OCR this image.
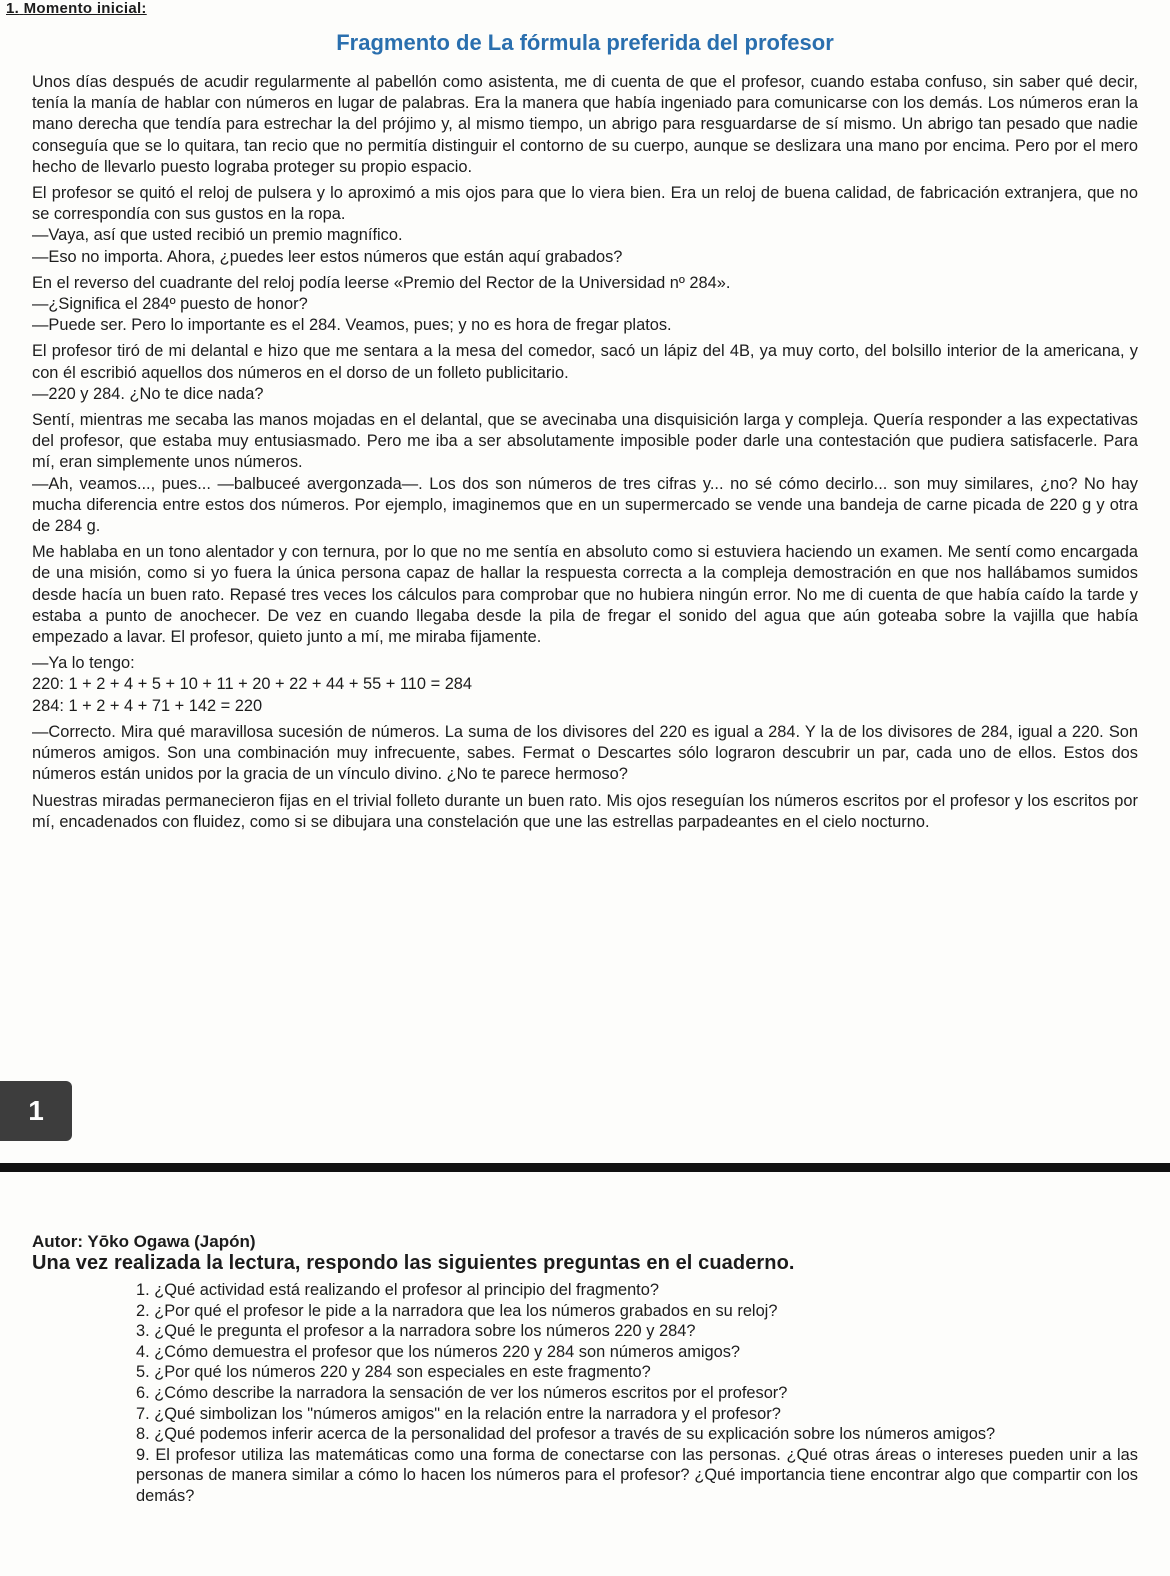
1. Momento inicial:
Fragmento de La fórmula preferida del profesor

Unos días después de acudir regularmente al pabellón como asistenta, me di cuenta de que el profesor, cuando estaba confuso, sin saber qué decir, tenía la manía de hablar con números en lugar de palabras. Era la manera que había ingeniado para comunicarse con los demás. Los números eran la mano derecha que tendía para estrechar la del prójimo y, al mismo tiempo, un abrigo para resguardarse de sí mismo. Un abrigo tan pesado que nadie conseguía que se lo quitara, tan recio que no permitía distinguir el contorno de su cuerpo, aunque se deslizara una mano por encima. Pero por el mero hecho de llevarlo puesto lograba proteger su propio espacio.

El profesor se quitó el reloj de pulsera y lo aproximó a mis ojos para que lo viera bien. Era un reloj de buena calidad, de fabricación extranjera, que no se correspondía con sus gustos en la ropa.

—Vaya, así que usted recibió un premio magnífico.

—Eso no importa. Ahora, ¿puedes leer estos números que están aquí grabados?

En el reverso del cuadrante del reloj podía leerse «Premio del Rector de la Universidad nº 284».

—¿Significa el 284º puesto de honor?

—Puede ser. Pero lo importante es el 284. Veamos, pues; y no es hora de fregar platos.

El profesor tiró de mi delantal e hizo que me sentara a la mesa del comedor, sacó un lápiz del 4B, ya muy corto, del bolsillo interior de la americana, y con él escribió aquellos dos números en el dorso de un folleto publicitario.

—220 y 284. ¿No te dice nada?

Sentí, mientras me secaba las manos mojadas en el delantal, que se avecinaba una disquisición larga y compleja. Quería responder a las expectativas del profesor, que estaba muy entusiasmado. Pero me iba a ser absolutamente imposible poder darle una contestación que pudiera satisfacerle. Para mí, eran simplemente unos números.

—Ah, veamos..., pues... —balbuceé avergonzada—. Los dos son números de tres cifras y... no sé cómo decirlo... son muy similares, ¿no? No hay mucha diferencia entre estos dos números. Por ejemplo, imaginemos que en un supermercado se vende una bandeja de carne picada de 220 g y otra de 284 g.

Me hablaba en un tono alentador y con ternura, por lo que no me sentía en absoluto como si estuviera haciendo un examen. Me sentí como encargada de una misión, como si yo fuera la única persona capaz de hallar la respuesta correcta a la compleja demostración en que nos hallábamos sumidos desde hacía un buen rato. Repasé tres veces los cálculos para comprobar que no hubiera ningún error. No me di cuenta de que había caído la tarde y estaba a punto de anochecer. De vez en cuando llegaba desde la pila de fregar el sonido del agua que aún goteaba sobre la vajilla que había empezado a lavar. El profesor, quieto junto a mí, me miraba fijamente.

—Ya lo tengo:

220: 1 + 2 + 4 + 5 + 10 + 11 + 20 + 22 + 44 + 55 + 110 = 284

284: 1 + 2 + 4 + 71 + 142 = 220

—Correcto. Mira qué maravillosa sucesión de números. La suma de los divisores del 220 es igual a 284. Y la de los divisores de 284, igual a 220. Son números amigos. Son una combinación muy infrecuente, sabes. Fermat o Descartes sólo lograron descubrir un par, cada uno de ellos. Estos dos números están unidos por la gracia de un vínculo divino. ¿No te parece hermoso?

Nuestras miradas permanecieron fijas en el trivial folleto durante un buen rato. Mis ojos reseguían los números escritos por el profesor y los escritos por mí, encadenados con fluidez, como si se dibujara una constelación que une las estrellas parpadeantes en el cielo nocturno.

1
Autor: Yōko Ogawa (Japón)
Una vez realizada la lectura, respondo las siguientes preguntas en el cuaderno.
1. ¿Qué actividad está realizando el profesor al principio del fragmento?
2. ¿Por qué el profesor le pide a la narradora que lea los números grabados en su reloj?
3. ¿Qué le pregunta el profesor a la narradora sobre los números 220 y 284?
4. ¿Cómo demuestra el profesor que los números 220 y 284 son números amigos?
5. ¿Por qué los números 220 y 284 son especiales en este fragmento?
6. ¿Cómo describe la narradora la sensación de ver los números escritos por el profesor?
7. ¿Qué simbolizan los "números amigos" en la relación entre la narradora y el profesor?
8. ¿Qué podemos inferir acerca de la personalidad del profesor a través de su explicación sobre los números amigos?
9. El profesor utiliza las matemáticas como una forma de conectarse con las personas. ¿Qué otras áreas o intereses pueden unir a las personas de manera similar a cómo lo hacen los números para el profesor? ¿Qué importancia tiene encontrar algo que compartir con los demás?
